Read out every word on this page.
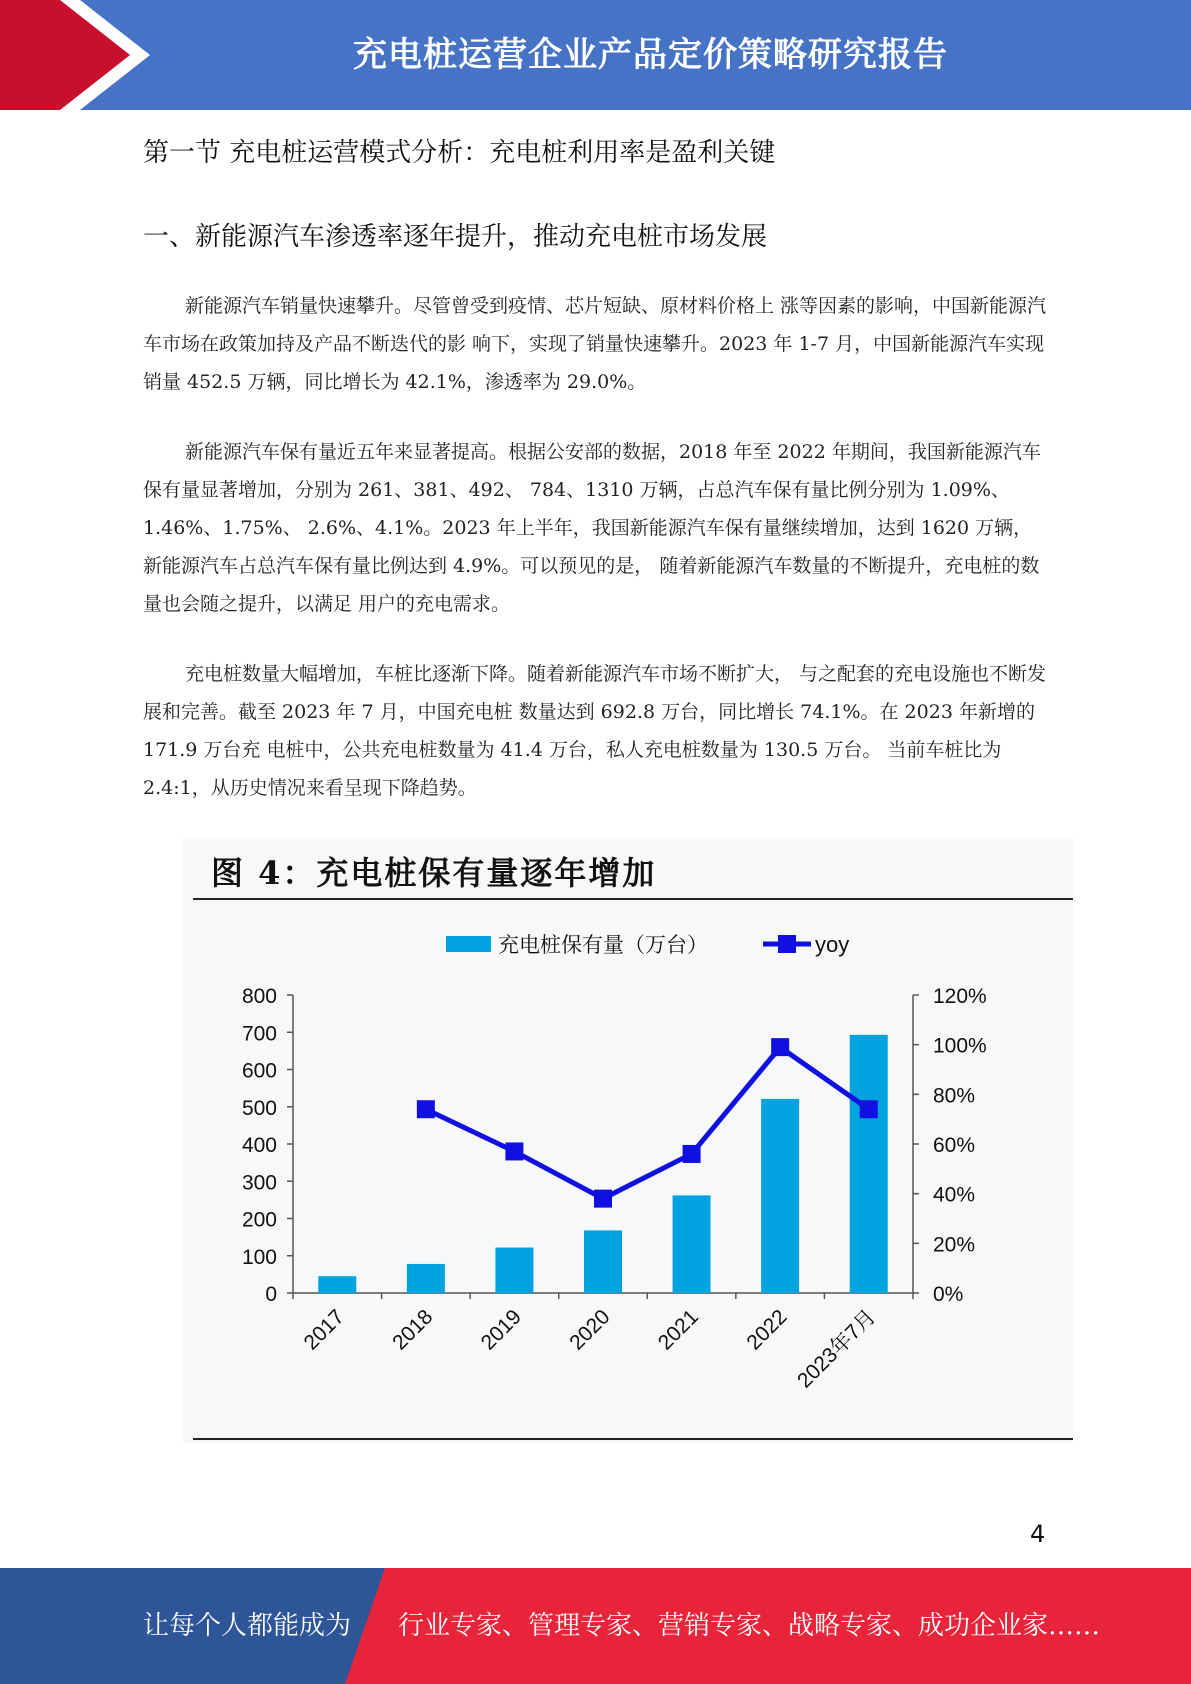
充电桩运营企业产品定价策略研究报告
第一节 充电桩运营模式分析：充电桩利用率是盈利关键
一、新能源汽车渗透率逐年提升，推动充电桩市场发展

新能源汽车销量快速攀升。尽管曾受到疫情、芯片短缺、原材料价格上 涨等因素的影响，中国新能源汽车市场在政策加持及产品不断迭代的影 响下，实现了销量快速攀升。2023 年 1-7 月，中国新能源汽车实现销量 452.5 万辆，同比增长为 42.1%，渗透率为 29.0%。

新能源汽车保有量近五年来显著提高。根据公安部的数据，2018 年至 2022 年期间，我国新能源汽车保有量显著增加，分别为 261、381、492、 784、1310 万辆，占总汽车保有量比例分别为 1.09%、1.46%、1.75%、 2.6%、4.1%。2023 年上半年，我国新能源汽车保有量继续增加，达到 1620 万辆，新能源汽车占总汽车保有量比例达到 4.9%。可以预见的是， 随着新能源汽车数量的不断提升，充电桩的数量也会随之提升，以满足 用户的充电需求。

充电桩数量大幅增加，车桩比逐渐下降。随着新能源汽车市场不断扩大， 与之配套的充电设施也不断发展和完善。截至 2023 年 7 月，中国充电桩 数量达到 692.8 万台，同比增长 74.1%。在 2023 年新增的 171.9 万台充 电桩中，公共充电桩数量为 41.4 万台，私人充电桩数量为 130.5 万台。 当前车桩比为 2.4:1，从历史情况来看呈现下降趋势。

图 4：充电桩保有量逐年增加
0
100
200
300
400
500
600
700
800
0%
20%
40%
60%
80%
100%
120%
2017 2018 2019 2020 2021 2022 2023年7月
充电桩保有量（万台）	yoy
4
让每个人都能成为 行业专家、管理专家、营销专家、战略专家、成功企业家……
